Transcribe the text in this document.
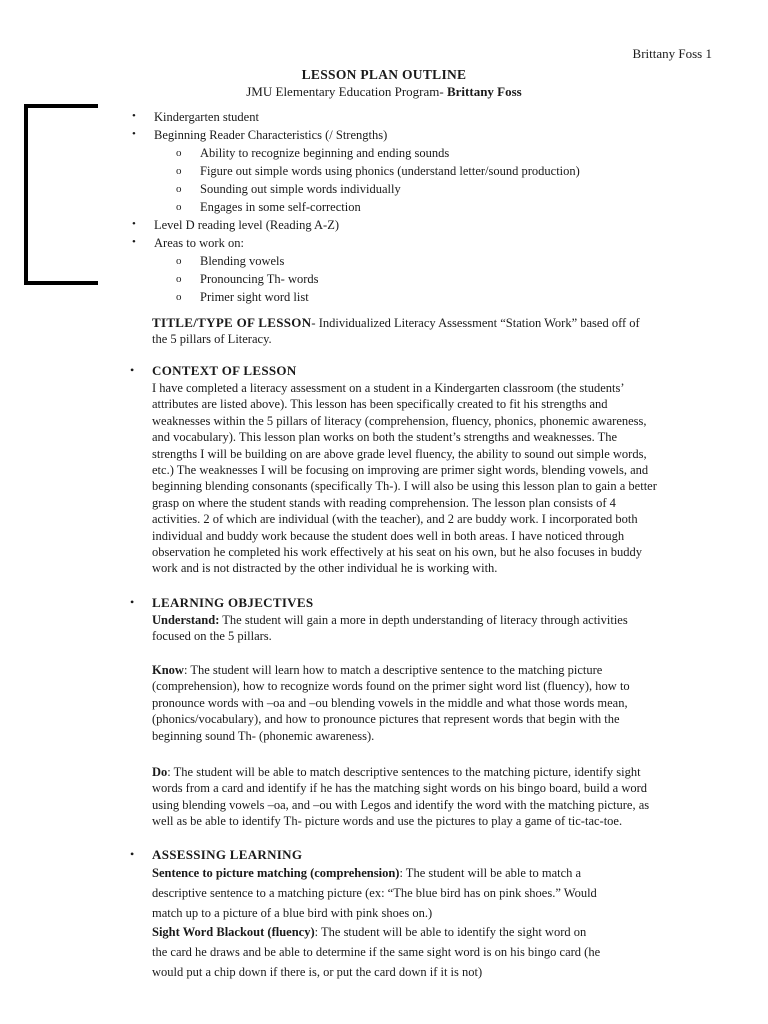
Brittany Foss 1
LESSON PLAN OUTLINE
JMU Elementary Education Program- Brittany Foss
• Kindergarten student
• Beginning Reader Characteristics (/ Strengths)
o Ability to recognize beginning and ending sounds
o Figure out simple words using phonics (understand letter/sound production)
o Sounding out simple words individually
o Engages in some self-correction
• Level D reading level (Reading A-Z)
• Areas to work on:
o Blending vowels
o Pronouncing Th- words
o Primer sight word list
TITLE/TYPE OF LESSON- Individualized Literacy Assessment “Station Work” based off of
the 5 pillars of Literacy.
• CONTEXT OF LESSON
I have completed a literacy assessment on a student in a Kindergarten classroom (the students’
attributes are listed above). This lesson has been specifically created to fit his strengths and
weaknesses within the 5 pillars of literacy (comprehension, fluency, phonics, phonemic awareness,
and vocabulary). This lesson plan works on both the student’s strengths and weaknesses. The
strengths I will be building on are above grade level fluency, the ability to sound out simple words,
etc.) The weaknesses I will be focusing on improving are primer sight words, blending vowels, and
beginning blending consonants (specifically Th-). I will also be using this lesson plan to gain a better
grasp on where the student stands with reading comprehension. The lesson plan consists of 4
activities. 2 of which are individual (with the teacher), and 2 are buddy work. I incorporated both
individual and buddy work because the student does well in both areas. I have noticed through
observation he completed his work effectively at his seat on his own, but he also focuses in buddy
work and is not distracted by the other individual he is working with.
• LEARNING OBJECTIVES
Understand: The student will gain a more in depth understanding of literacy through activities
focused on the 5 pillars.
Know: The student will learn how to match a descriptive sentence to the matching picture
(comprehension), how to recognize words found on the primer sight word list (fluency), how to
pronounce words with –oa and –ou blending vowels in the middle and what those words mean,
(phonics/vocabulary), and how to pronounce pictures that represent words that begin with the
beginning sound Th- (phonemic awareness).
Do: The student will be able to match descriptive sentences to the matching picture, identify sight
words from a card and identify if he has the matching sight words on his bingo board, build a word
using blending vowels –oa, and –ou with Legos and identify the word with the matching picture, as
well as be able to identify Th- picture words and use the pictures to play a game of tic-tac-toe.
• ASSESSING LEARNING
Sentence to picture matching (comprehension): The student will be able to match a
descriptive sentence to a matching picture (ex: “The blue bird has on pink shoes.” Would
match up to a picture of a blue bird with pink shoes on.)
Sight Word Blackout (fluency): The student will be able to identify the sight word on
the card he draws and be able to determine if the same sight word is on his bingo card (he
would put a chip down if there is, or put the card down if it is not)
